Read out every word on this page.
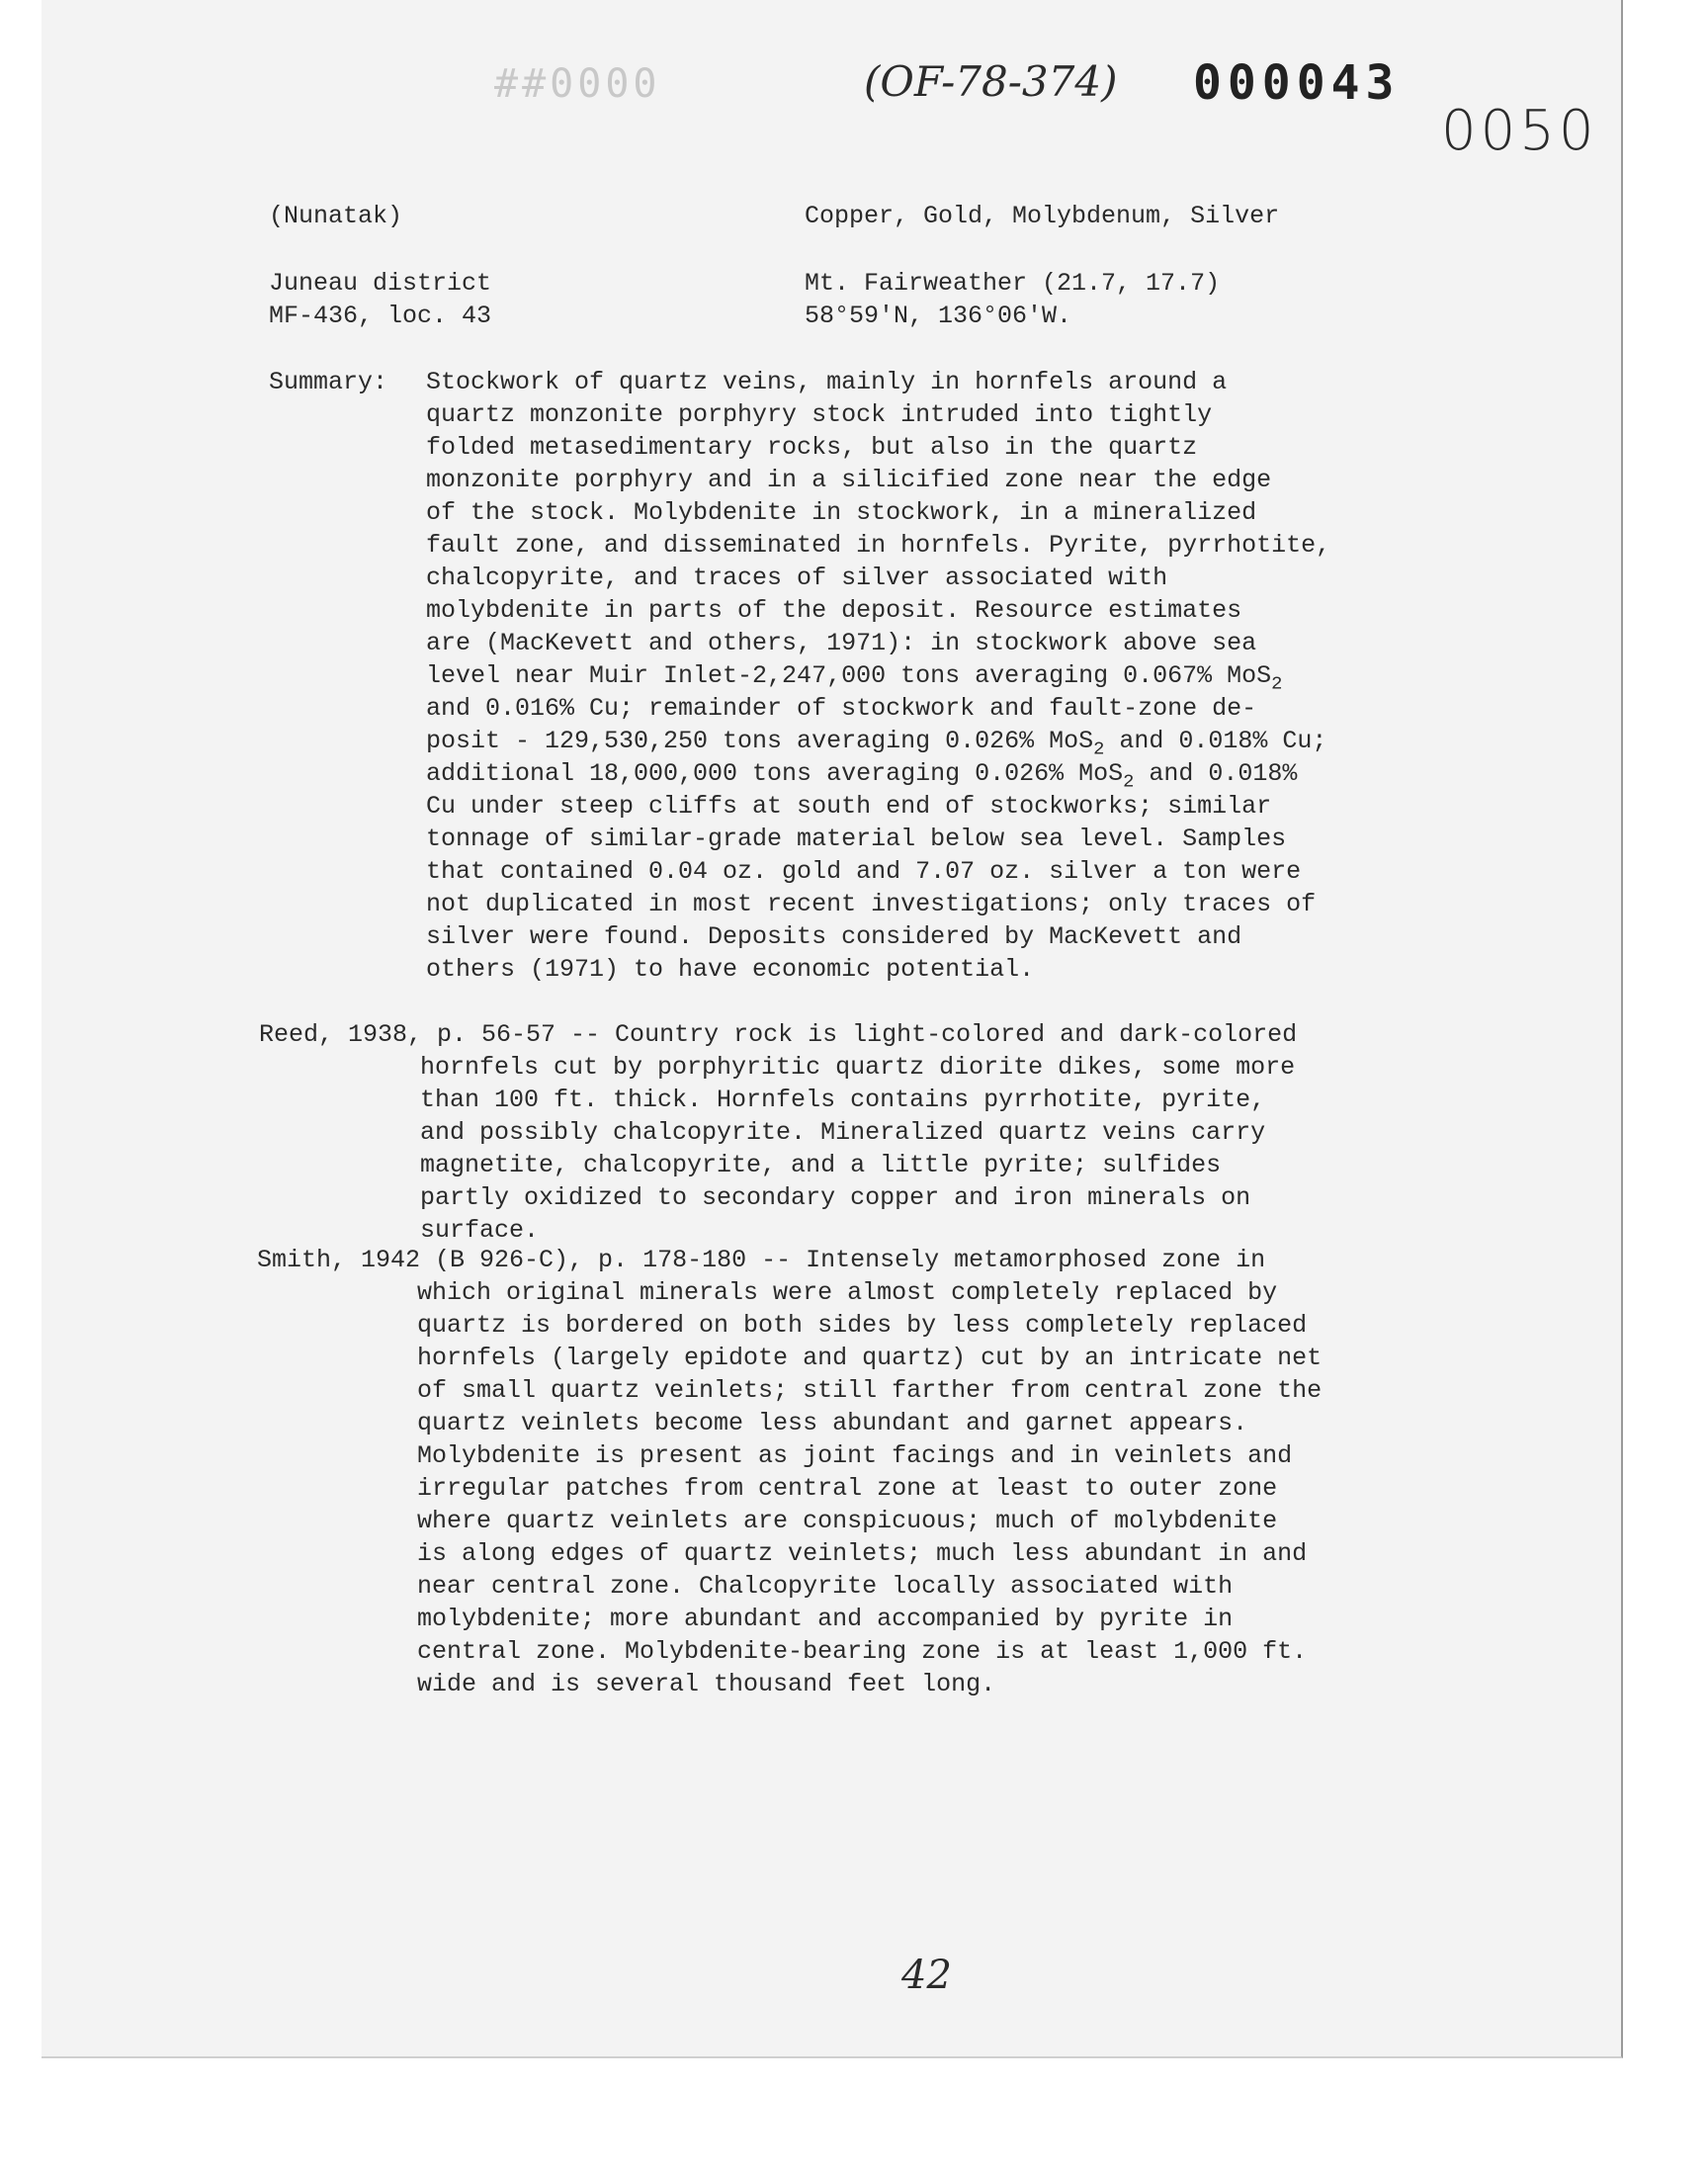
##0000	(OF-78-374) 000043
0050
(Nunatak)	Copper, Gold, Molybdenum, Silver
Juneau district
MF-436, loc. 43
Mt. Fairweather (21.7, 17.7)
58°59'N, 136°06'W.
Summary: Stockwork of quartz veins, mainly in hornfels around a
quartz monzonite porphyry stock intruded into tightly
folded metasedimentary rocks, but also in the quartz
monzonite porphyry and in a silicified zone near the edge
of the stock. Molybdenite in stockwork, in a mineralized
fault zone, and disseminated in hornfels. Pyrite, pyrrhotite,
chalcopyrite, and traces of silver associated with
molybdenite in parts of the deposit. Resource estimates
are (MacKevett and others, 1971): in stockwork above sea
level near Muir Inlet-2,247,000 tons averaging 0.067% MoS$_2$
and 0.016% Cu; remainder of stockwork and fault-zone de-
posit - 129,530,250 tons averaging 0.026% MoS$_2$ and 0.018% Cu;
additional 18,000,000 tons averaging 0.026% MoS$_2$ and 0.018%
Cu under steep cliffs at south end of stockworks; similar
tonnage of similar-grade material below sea level. Samples
that contained 0.04 oz. gold and 7.07 oz. silver a ton were
not duplicated in most recent investigations; only traces of
silver were found. Deposits considered by MacKevett and
others (1971) to have economic potential.
Reed, 1938, p. 56-57 -- Country rock is light-colored and dark-colored
hornfels cut by porphyritic quartz diorite dikes, some more
than 100 ft. thick. Hornfels contains pyrrhotite, pyrite,
and possibly chalcopyrite. Mineralized quartz veins carry
magnetite, chalcopyrite, and a little pyrite; sulfides
partly oxidized to secondary copper and iron minerals on
surface.
Smith, 1942 (B 926-C), p. 178-180 -- Intensely metamorphosed zone in
which original minerals were almost completely replaced by
quartz is bordered on both sides by less completely replaced
hornfels (largely epidote and quartz) cut by an intricate net
of small quartz veinlets; still farther from central zone the
quartz veinlets become less abundant and garnet appears.
Molybdenite is present as joint facings and in veinlets and
irregular patches from central zone at least to outer zone
where quartz veinlets are conspicuous; much of molybdenite
is along edges of quartz veinlets; much less abundant in and
near central zone. Chalcopyrite locally associated with
molybdenite; more abundant and accompanied by pyrite in
central zone. Molybdenite-bearing zone is at least 1,000 ft.
wide and is several thousand feet long.
42
